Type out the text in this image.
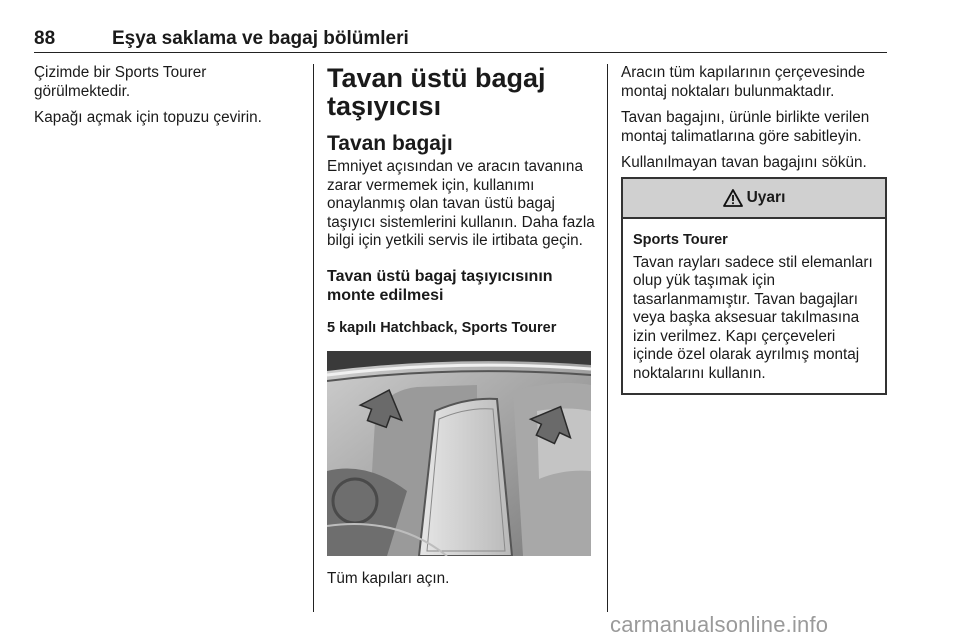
88	Eşya saklama ve bagaj bölümleri

Çizimde bir Sports Tourer görülmektedir.

Kapağı açmak için topuzu çevirin.

Tavan üstü bagaj taşıyıcısı
Tavan bagajı

Emniyet açısından ve aracın tavanına zarar vermemek için, kullanımı onaylanmış olan tavan üstü bagaj taşıyıcı sistemlerini kullanın. Daha fazla bilgi için yetkili servis ile irtibata geçin.

Tavan üstü bagaj taşıyıcısının monte edilmesi
5 kapılı Hatchback, Sports Tourer

Tüm kapıları açın.

Aracın tüm kapılarının çerçevesinde montaj noktaları bulunmaktadır.

Tavan bagajını, ürünle birlikte verilen montaj talimatlarına göre sabitleyin.

Kullanılmayan tavan bagajını sökün.

Uyarı
Sports Tourer

Tavan rayları sadece stil elemanları olup yük taşımak için tasarlanmamıştır. Tavan bagajları veya başka aksesuar takılmasına izin verilmez. Kapı çerçeveleri içinde özel olarak ayrılmış montaj noktalarını kullanın.

carmanualsonline.info
